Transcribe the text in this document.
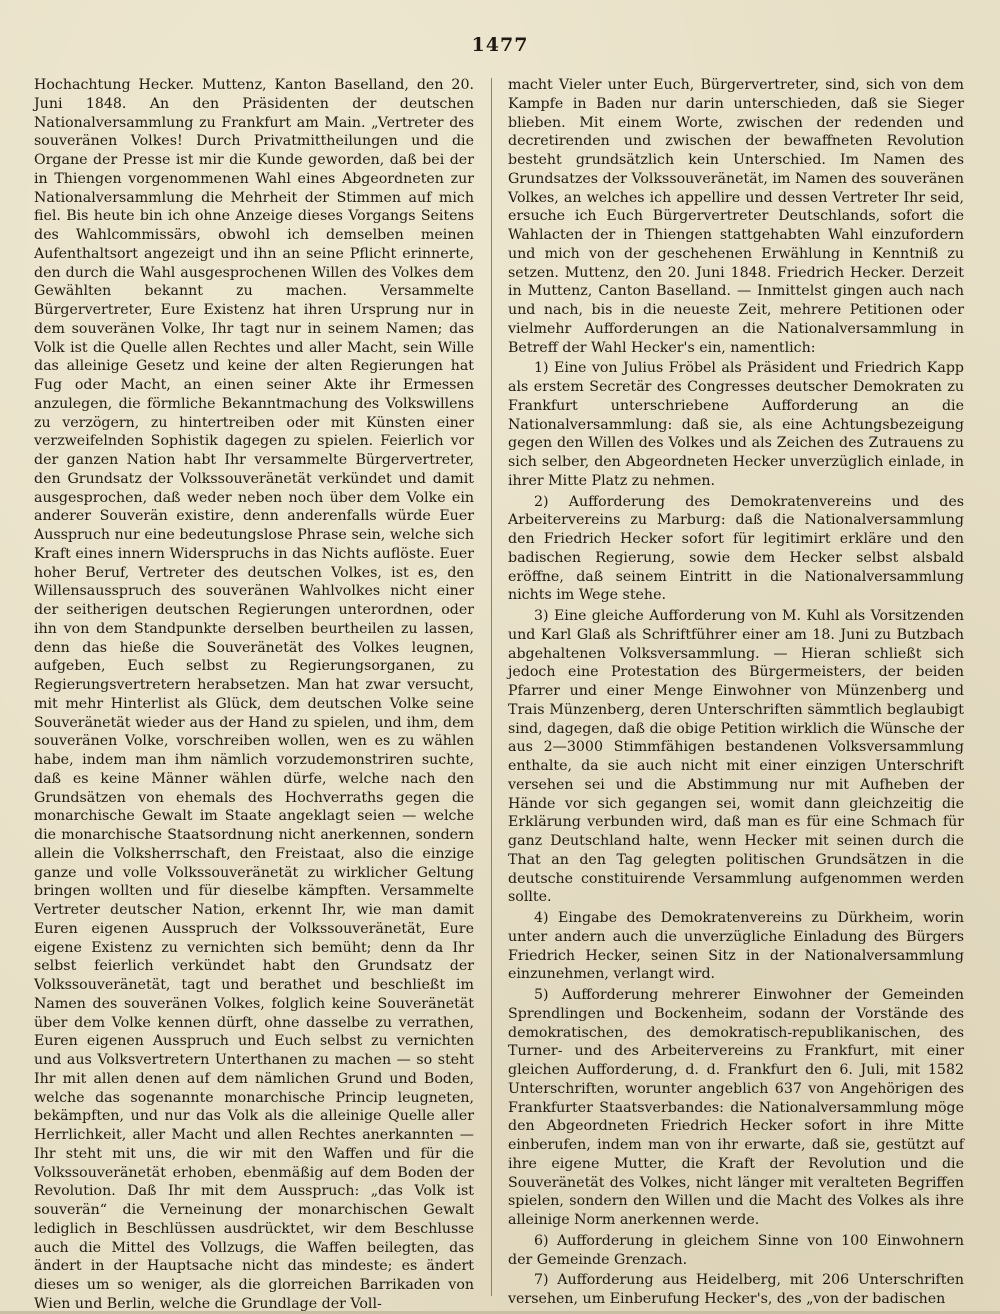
1477

Hochachtung Hecker. Muttenz, Kanton Baselland, den 20. Juni 1848. An den Präsidenten der deutschen Nationalversammlung zu Frankfurt am Main. „Vertreter des souveränen Volkes! Durch Privatmittheilungen und die Organe der Presse ist mir die Kunde geworden, daß bei der in Thiengen vorgenommenen Wahl eines Abgeordneten zur Nationalversammlung die Mehrheit der Stimmen auf mich fiel. Bis heute bin ich ohne Anzeige dieses Vorgangs Seitens des Wahlcommissärs, obwohl ich demselben meinen Aufenthaltsort angezeigt und ihn an seine Pflicht erinnerte, den durch die Wahl ausgesprochenen Willen des Volkes dem Gewählten bekannt zu machen. Versammelte Bürgervertreter, Eure Existenz hat ihren Ursprung nur in dem souveränen Volke, Ihr tagt nur in seinem Namen; das Volk ist die Quelle allen Rechtes und aller Macht, sein Wille das alleinige Gesetz und keine der alten Regierungen hat Fug oder Macht, an einen seiner Akte ihr Ermessen anzulegen, die förmliche Bekanntmachung des Volkswillens zu verzögern, zu hintertreiben oder mit Künsten einer verzweifelnden Sophistik dagegen zu spielen. Feierlich vor der ganzen Nation habt Ihr versammelte Bürgervertreter, den Grundsatz der Volkssouveränetät verkündet und damit ausgesprochen, daß weder neben noch über dem Volke ein anderer Souverän existire, denn anderenfalls würde Euer Ausspruch nur eine bedeutungslose Phrase sein, welche sich Kraft eines innern Widerspruchs in das Nichts auflöste. Euer hoher Beruf, Vertreter des deutschen Volkes, ist es, den Willensausspruch des souveränen Wahlvolkes nicht einer der seitherigen deutschen Regierungen unterordnen, oder ihn von dem Standpunkte derselben beurtheilen zu lassen, denn das hieße die Souveränetät des Volkes leugnen, aufgeben, Euch selbst zu Regierungsorganen, zu Regierungsvertretern herabsetzen. Man hat zwar versucht, mit mehr Hinterlist als Glück, dem deutschen Volke seine Souveränetät wieder aus der Hand zu spielen, und ihm, dem souveränen Volke, vorschreiben wollen, wen es zu wählen habe, indem man ihm nämlich vorzudemonstriren suchte, daß es keine Männer wählen dürfe, welche nach den Grundsätzen von ehemals des Hochverraths gegen die monarchische Gewalt im Staate angeklagt seien — welche die monarchische Staatsordnung nicht anerkennen, sondern allein die Volksherrschaft, den Freistaat, also die einzige ganze und volle Volkssouveränetät zu wirklicher Geltung bringen wollten und für dieselbe kämpften. Versammelte Vertreter deutscher Nation, erkennt Ihr, wie man damit Euren eigenen Ausspruch der Volkssouveränetät, Eure eigene Existenz zu vernichten sich bemüht; denn da Ihr selbst feierlich verkündet habt den Grundsatz der Volkssouveränetät, tagt und berathet und beschließt im Namen des souveränen Volkes, folglich keine Souveränetät über dem Volke kennen dürft, ohne dasselbe zu verrathen, Euren eigenen Ausspruch und Euch selbst zu vernichten und aus Volksvertretern Unterthanen zu machen — so steht Ihr mit allen denen auf dem nämlichen Grund und Boden, welche das sogenannte monarchische Princip leugneten, bekämpften, und nur das Volk als die alleinige Quelle aller Herrlichkeit, aller Macht und allen Rechtes anerkannten — Ihr steht mit uns, die wir mit den Waffen und für die Volkssouveränetät erhoben, ebenmäßig auf dem Boden der Revolution. Daß Ihr mit dem Ausspruch: „das Volk ist souverän“ die Verneinung der monarchischen Gewalt lediglich in Beschlüssen ausdrücktet, wir dem Beschlusse auch die Mittel des Vollzugs, die Waffen beilegten, das ändert in der Hauptsache nicht das mindeste; es ändert dieses um so weniger, als die glorreichen Barrikaden von Wien und Berlin, welche die Grundlage der Voll-

macht Vieler unter Euch, Bürgervertreter, sind, sich von dem Kampfe in Baden nur darin unterschieden, daß sie Sieger blieben. Mit einem Worte, zwischen der redenden und decretirenden und zwischen der bewaffneten Revolution besteht grundsätzlich kein Unterschied. Im Namen des Grundsatzes der Volkssouveränetät, im Namen des souveränen Volkes, an welches ich appellire und dessen Vertreter Ihr seid, ersuche ich Euch Bürgervertreter Deutschlands, sofort die Wahlacten der in Thiengen stattgehabten Wahl einzufordern und mich von der geschehenen Erwählung in Kenntniß zu setzen. Muttenz, den 20. Juni 1848. Friedrich Hecker. Derzeit in Muttenz, Canton Baselland. — Inmittelst gingen auch nach und nach, bis in die neueste Zeit, mehrere Petitionen oder vielmehr Aufforderungen an die Nationalversammlung in Betreff der Wahl Hecker's ein, namentlich:

1) Eine von Julius Fröbel als Präsident und Friedrich Kapp als erstem Secretär des Congresses deutscher Demokraten zu Frankfurt unterschriebene Aufforderung an die Nationalversammlung: daß sie, als eine Achtungsbezeigung gegen den Willen des Volkes und als Zeichen des Zutrauens zu sich selber, den Abgeordneten Hecker unverzüglich einlade, in ihrer Mitte Platz zu nehmen.

2) Aufforderung des Demokratenvereins und des Arbeitervereins zu Marburg: daß die Nationalversammlung den Friedrich Hecker sofort für legitimirt erkläre und den badischen Regierung, sowie dem Hecker selbst alsbald eröffne, daß seinem Eintritt in die Nationalversammlung nichts im Wege stehe.

3) Eine gleiche Aufforderung von M. Kuhl als Vorsitzenden und Karl Glaß als Schriftführer einer am 18. Juni zu Butzbach abgehaltenen Volksversammlung. — Hieran schließt sich jedoch eine Protestation des Bürgermeisters, der beiden Pfarrer und einer Menge Einwohner von Münzenberg und Trais Münzenberg, deren Unterschriften sämmtlich beglaubigt sind, dagegen, daß die obige Petition wirklich die Wünsche der aus 2—3000 Stimmfähigen bestandenen Volksversammlung enthalte, da sie auch nicht mit einer einzigen Unterschrift versehen sei und die Abstimmung nur mit Aufheben der Hände vor sich gegangen sei, womit dann gleichzeitig die Erklärung verbunden wird, daß man es für eine Schmach für ganz Deutschland halte, wenn Hecker mit seinen durch die That an den Tag gelegten politischen Grundsätzen in die deutsche constituirende Versammlung aufgenommen werden sollte.

4) Eingabe des Demokratenvereins zu Dürkheim, worin unter andern auch die unverzügliche Einladung des Bürgers Friedrich Hecker, seinen Sitz in der Nationalversammlung einzunehmen, verlangt wird.

5) Aufforderung mehrerer Einwohner der Gemeinden Sprendlingen und Bockenheim, sodann der Vorstände des demokratischen, des demokratisch-republikanischen, des Turner- und des Arbeitervereins zu Frankfurt, mit einer gleichen Aufforderung, d. d. Frankfurt den 6. Juli, mit 1582 Unterschriften, worunter angeblich 637 von Angehörigen des Frankfurter Staatsverbandes: die Nationalversammlung möge den Abgeordneten Friedrich Hecker sofort in ihre Mitte einberufen, indem man von ihr erwarte, daß sie, gestützt auf ihre eigene Mutter, die Kraft der Revolution und die Souveränetät des Volkes, nicht länger mit veralteten Begriffen spielen, sondern den Willen und die Macht des Volkes als ihre alleinige Norm anerkennen werde.

6) Aufforderung in gleichem Sinne von 100 Einwohnern der Gemeinde Grenzach.

7) Aufforderung aus Heidelberg, mit 206 Unterschriften versehen, um Einberufung Hecker's, des „von der badischen
